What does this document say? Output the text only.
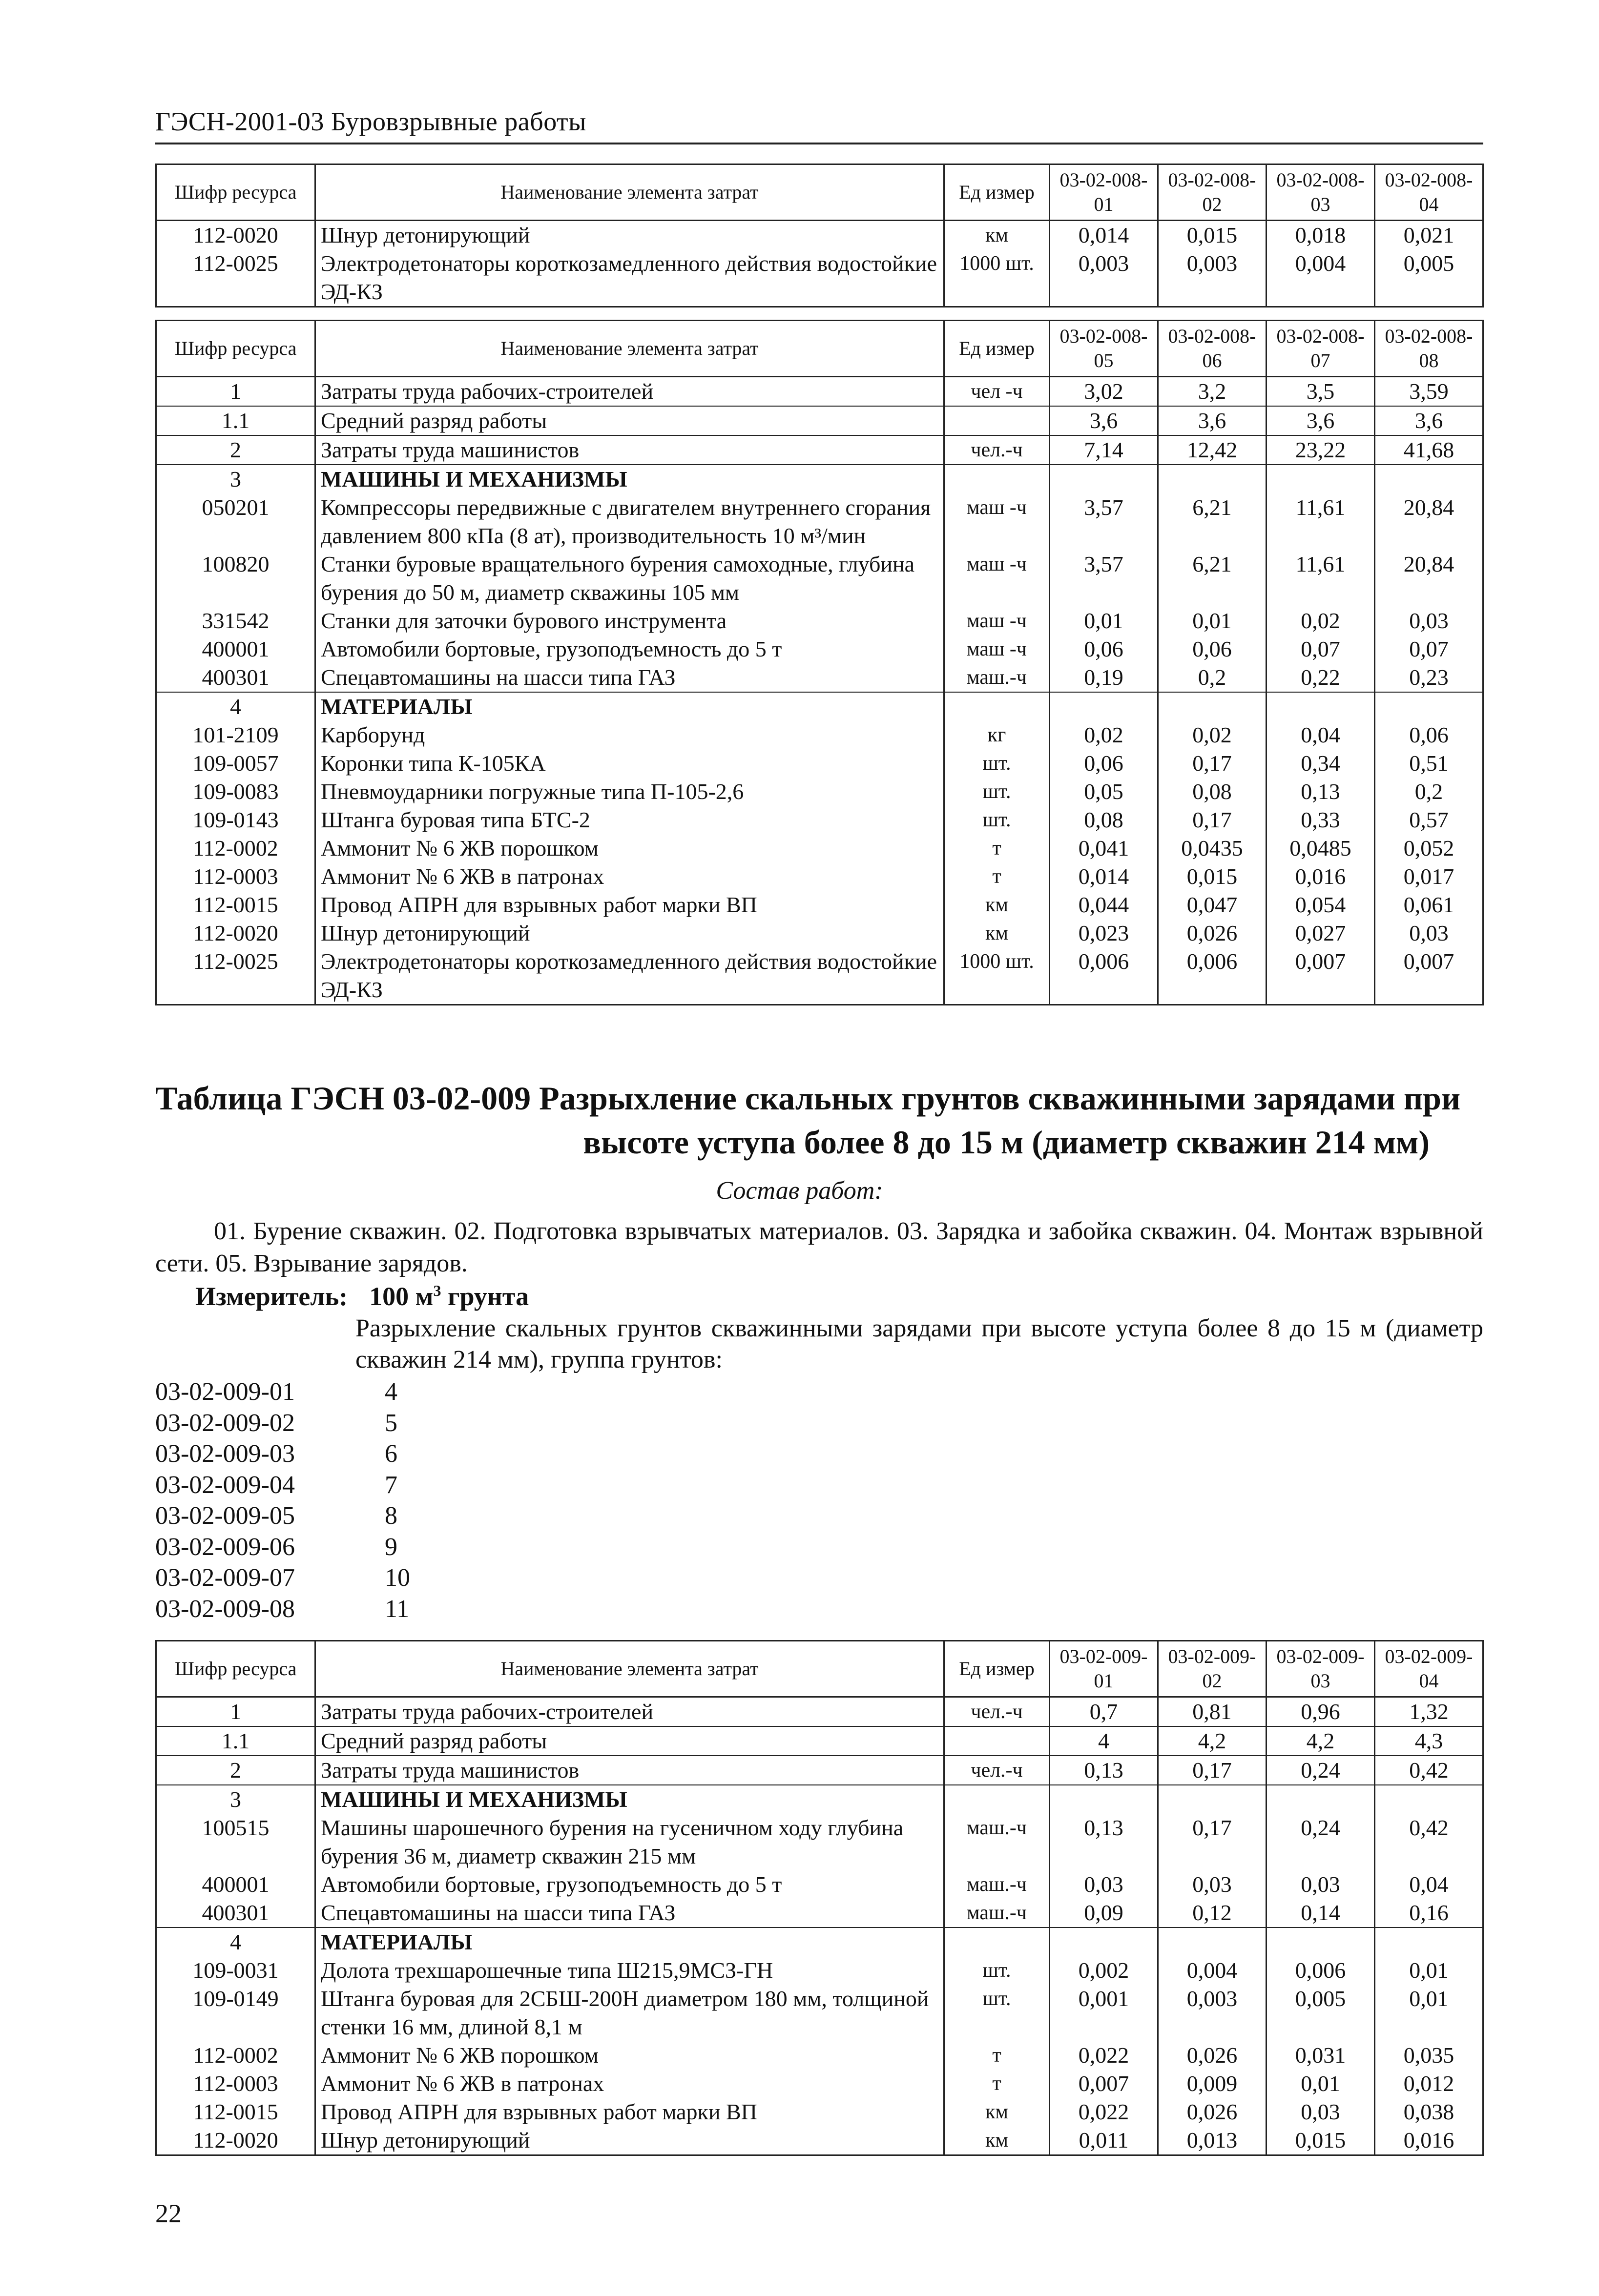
ГЭСН-2001-03 Буровзрывные работы
Шифр ресурса	Наименование элемента затрат	Ед измер	03-02-008-01	03-02-008-02	03-02-008-03	03-02-008-04
112-0020	Шнур детонирующий	км	0,014	0,015	0,018	0,021
112-0025	Электродетонаторы короткозамедленного действия водостойкие ЭД-КЗ	1000 шт.	0,003	0,003	0,004	0,005
Шифр ресурса	Наименование элемента затрат	Ед измер	03-02-008-05	03-02-008-06	03-02-008-07	03-02-008-08
1	Затраты труда рабочих-строителей	чел -ч	3,02	3,2	3,5	3,59
1.1	Средний разряд работы		3,6	3,6	3,6	3,6
2	Затраты труда машинистов	чел.-ч	7,14	12,42	23,22	41,68
3	МАШИНЫ И МЕХАНИЗМЫ					
050201	Компрессоры передвижные с двигателем внутреннего сгорания давлением 800 кПа (8 ат), производительность 10 м³/мин	маш -ч	3,57	6,21	11,61	20,84
100820	Станки буровые вращательного бурения самоходные, глубина бурения до 50 м, диаметр скважины 105 мм	маш -ч	3,57	6,21	11,61	20,84
331542	Станки для заточки бурового инструмента	маш -ч	0,01	0,01	0,02	0,03
400001	Автомобили бортовые, грузоподъемность до 5 т	маш -ч	0,06	0,06	0,07	0,07
400301	Спецавтомашины на шасси типа ГАЗ	маш.-ч	0,19	0,2	0,22	0,23
4	МАТЕРИАЛЫ					
101-2109	Карборунд	кг	0,02	0,02	0,04	0,06
109-0057	Коронки типа К-105КА	шт.	0,06	0,17	0,34	0,51
109-0083	Пневмоударники погружные типа П-105-2,6	шт.	0,05	0,08	0,13	0,2
109-0143	Штанга буровая типа БТС-2	шт.	0,08	0,17	0,33	0,57
112-0002	Аммонит № 6 ЖВ порошком	т	0,041	0,0435	0,0485	0,052
112-0003	Аммонит № 6 ЖВ в патронах	т	0,014	0,015	0,016	0,017
112-0015	Провод АПРН для взрывных работ марки ВП	км	0,044	0,047	0,054	0,061
112-0020	Шнур детонирующий	км	0,023	0,026	0,027	0,03
112-0025	Электродетонаторы короткозамедленного действия водостойкие ЭД-КЗ	1000 шт.	0,006	0,006	0,007	0,007
Таблица ГЭСН 03-02-009 Разрыхление скальных грунтов скважинными зарядами при
высоте уступа более 8 до 15 м (диаметр скважин 214 мм)
Состав работ:
01. Бурение скважин. 02. Подготовка взрывчатых материалов. 03. Зарядка и забойка скважин. 04. Монтаж взрывной сети. 05. Взрывание зарядов.
Измеритель: 100 $м^3$ грунта
Разрыхление скальных грунтов скважинными зарядами при высоте уступа более 8 до 15 м (диаметр скважин 214 мм), группа грунтов:
03-02-009-01	4
03-02-009-02	5
03-02-009-03	6
03-02-009-04	7
03-02-009-05	8
03-02-009-06	9
03-02-009-07	10
03-02-009-08	11
Шифр ресурса	Наименование элемента затрат	Ед измер	03-02-009-01	03-02-009-02	03-02-009-03	03-02-009-04
1	Затраты труда рабочих-строителей	чел.-ч	0,7	0,81	0,96	1,32
1.1	Средний разряд работы		4	4,2	4,2	4,3
2	Затраты труда машинистов	чел.-ч	0,13	0,17	0,24	0,42
3	МАШИНЫ И МЕХАНИЗМЫ					
100515	Машины шарошечного бурения на гусеничном ходу глубина бурения 36 м, диаметр скважин 215 мм	маш.-ч	0,13	0,17	0,24	0,42
400001	Автомобили бортовые, грузоподъемность до 5 т	маш.-ч	0,03	0,03	0,03	0,04
400301	Спецавтомашины на шасси типа ГАЗ	маш.-ч	0,09	0,12	0,14	0,16
4	МАТЕРИАЛЫ					
109-0031	Долота трехшарошечные типа Ш215,9МСЗ-ГН	шт.	0,002	0,004	0,006	0,01
109-0149	Штанга буровая для 2СБШ-200Н диаметром 180 мм, толщиной стенки 16 мм, длиной 8,1 м	шт.	0,001	0,003	0,005	0,01
112-0002	Аммонит № 6 ЖВ порошком	т	0,022	0,026	0,031	0,035
112-0003	Аммонит № 6 ЖВ в патронах	т	0,007	0,009	0,01	0,012
112-0015	Провод АПРН для взрывных работ марки ВП	км	0,022	0,026	0,03	0,038
112-0020	Шнур детонирующий	км	0,011	0,013	0,015	0,016
22
